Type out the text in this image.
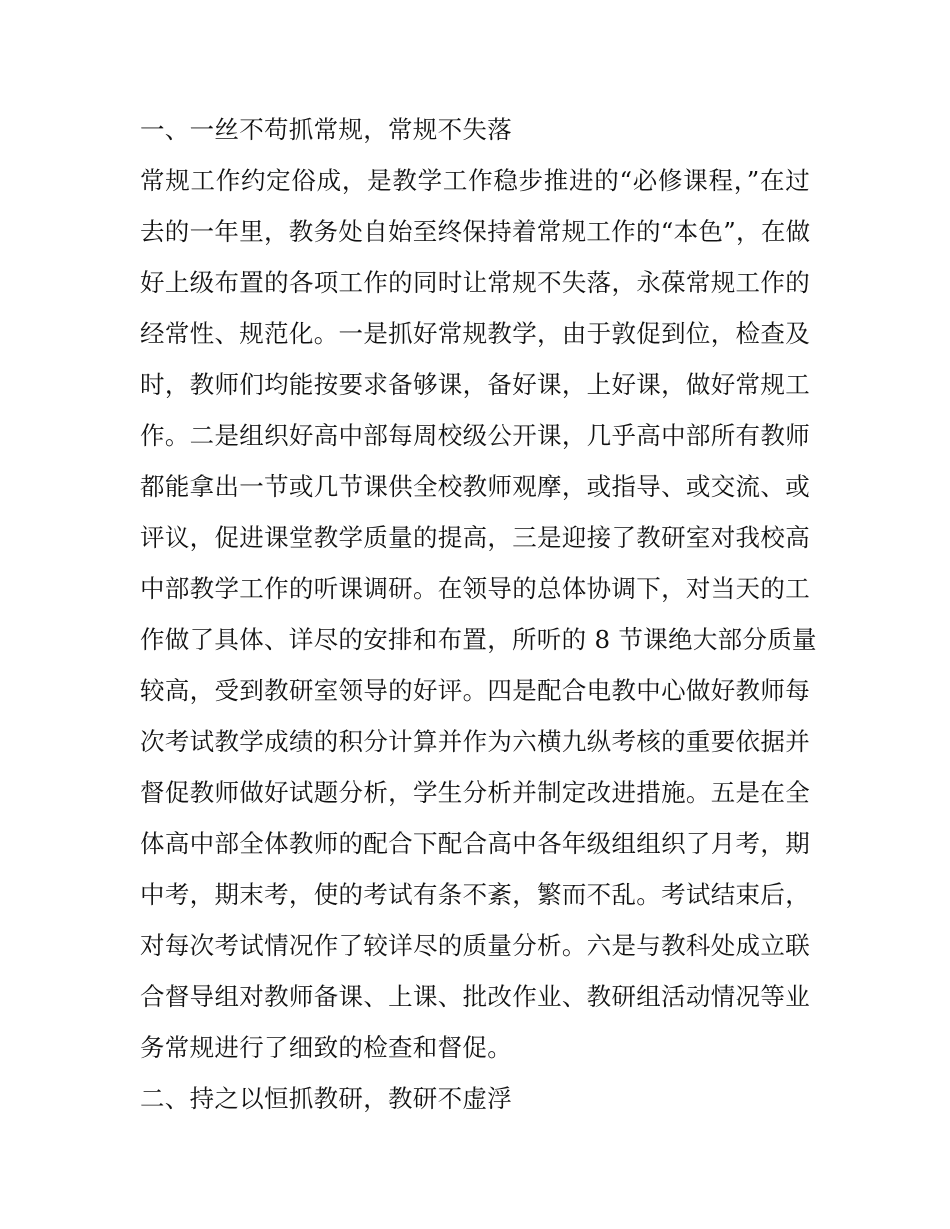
一、一丝不苟抓常规，常规不失落
常规工作约定俗成，是教学工作稳步推进的“必修课程，”在过
去的一年里，教务处自始至终保持着常规工作的“本色”，在做
好上级布置的各项工作的同时让常规不失落，永葆常规工作的
经常性、规范化。一是抓好常规教学，由于敦促到位，检查及
时，教师们均能按要求备够课，备好课，上好课，做好常规工
作。二是组织好高中部每周校级公开课，几乎高中部所有教师
都能拿出一节或几节课供全校教师观摩，或指导、或交流、或
评议，促进课堂教学质量的提高，三是迎接了教研室对我校高
中部教学工作的听课调研。在领导的总体协调下，对当天的工
作做了具体、详尽的安排和布置，所听的 8 节课绝大部分质量
较高，受到教研室领导的好评。四是配合电教中心做好教师每
次考试教学成绩的积分计算并作为六横九纵考核的重要依据并
督促教师做好试题分析，学生分析并制定改进措施。五是在全
体高中部全体教师的配合下配合高中各年级组组织了月考，期
中考，期末考，使的考试有条不紊，繁而不乱。考试结束后，
对每次考试情况作了较详尽的质量分析。六是与教科处成立联
合督导组对教师备课、上课、批改作业、教研组活动情况等业
务常规进行了细致的检查和督促。
二、持之以恒抓教研，教研不虚浮
